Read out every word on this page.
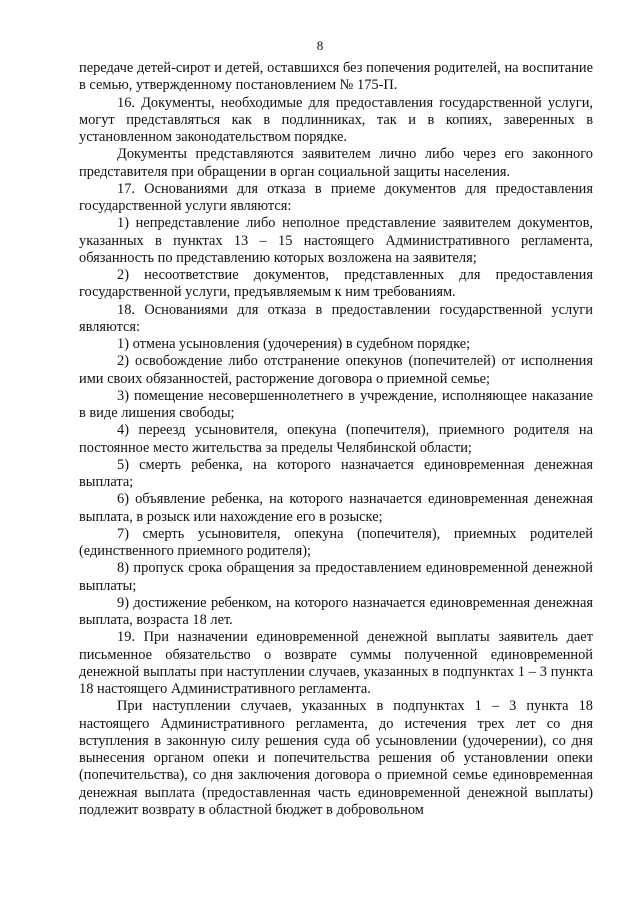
8

передаче детей-сирот и детей, оставшихся без попечения родителей, на воспитание в семью, утвержденному постановлением № 175-П.

16. Документы, необходимые для предоставления государственной услуги, могут представляться как в подлинниках, так и в копиях, заверенных в установленном законодательством порядке.

Документы представляются заявителем лично либо через его законного представителя при обращении в орган социальной защиты населения.

17. Основаниями для отказа в приеме документов для предоставления государственной услуги являются:

1) непредставление либо неполное представление заявителем документов, указанных в пунктах 13 – 15 настоящего Административного регламента, обязанность по представлению которых возложена на заявителя;

2) несоответствие документов, представленных для предоставления государственной услуги, предъявляемым к ним требованиям.

18. Основаниями для отказа в предоставлении государственной услуги являются:

1) отмена усыновления (удочерения) в судебном порядке;

2) освобождение либо отстранение опекунов (попечителей) от исполнения ими своих обязанностей, расторжение договора о приемной семье;

3) помещение несовершеннолетнего в учреждение, исполняющее наказание в виде лишения свободы;

4) переезд усыновителя, опекуна (попечителя), приемного родителя на постоянное место жительства за пределы Челябинской области;

5) смерть ребенка, на которого назначается единовременная денежная выплата;

6) объявление ребенка, на которого назначается единовременная денежная выплата, в розыск или нахождение его в розыске;

7) смерть усыновителя, опекуна (попечителя), приемных родителей (единственного приемного родителя);

8) пропуск срока обращения за предоставлением единовременной денежной выплаты;

9) достижение ребенком, на которого назначается единовременная денежная выплата, возраста 18 лет.

19. При назначении единовременной денежной выплаты заявитель дает письменное обязательство о возврате суммы полученной единовременной денежной выплаты при наступлении случаев, указанных в подпунктах 1 – 3 пункта 18 настоящего Административного регламента.

При наступлении случаев, указанных в подпунктах 1 – 3 пункта 18 настоящего Административного регламента, до истечения трех лет со дня вступления в законную силу решения суда об усыновлении (удочерении), со дня вынесения органом опеки и попечительства решения об установлении опеки (попечительства), со дня заключения договора о приемной семье единовременная денежная выплата (предоставленная часть единовременной денежной выплаты) подлежит возврату в областной бюджет в добровольном
